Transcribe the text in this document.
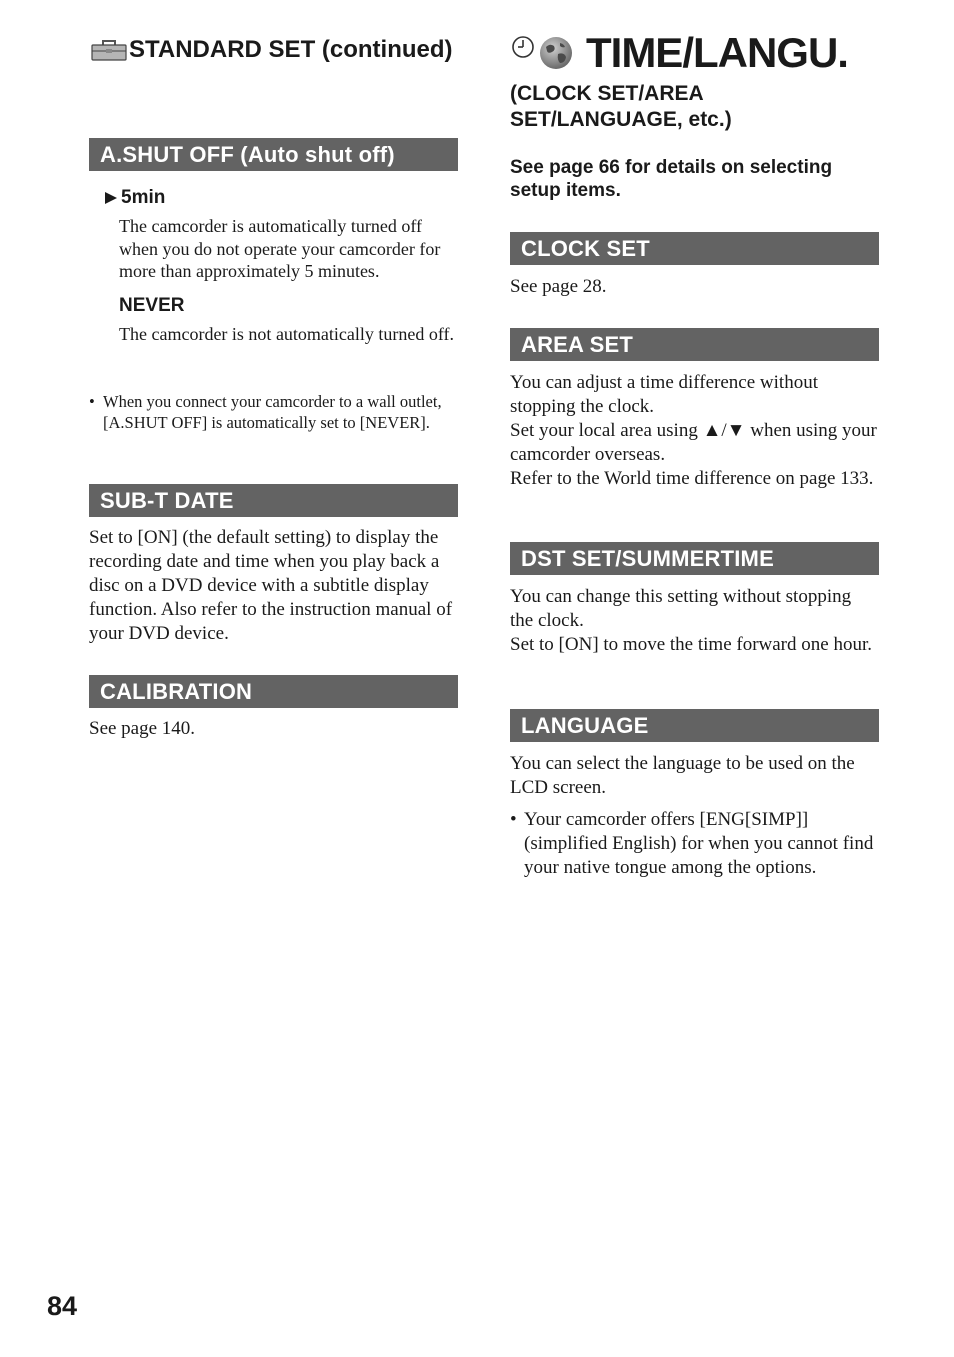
STANDARD SET (continued)
A.SHUT OFF (Auto shut off)
5min
The camcorder is automatically turned off when you do not operate your camcorder for more than approximately 5 minutes.
NEVER
The camcorder is not automatically turned off.
• When you connect your camcorder to a wall outlet, [A.SHUT OFF] is automatically set to [NEVER].
SUB-T DATE
Set to [ON] (the default setting) to display the recording date and time when you play back a disc on a DVD device with a subtitle display function. Also refer to the instruction manual of your DVD device.
CALIBRATION
See page 140.
TIME/LANGU.
(CLOCK SET/AREA SET/LANGUAGE, etc.)
See page 66 for details on selecting setup items.
CLOCK SET
See page 28.
AREA SET

You can adjust a time difference without stopping the clock.

Set your local area using ▲/▼ when using your camcorder overseas.

Refer to the World time difference on page 133.

DST SET/SUMMERTIME

You can change this setting without stopping the clock.

Set to [ON] to move the time forward one hour.

LANGUAGE
You can select the language to be used on the LCD screen.
• Your camcorder offers [ENG[SIMP]] (simplified English) for when you cannot find your native tongue among the options.
84
